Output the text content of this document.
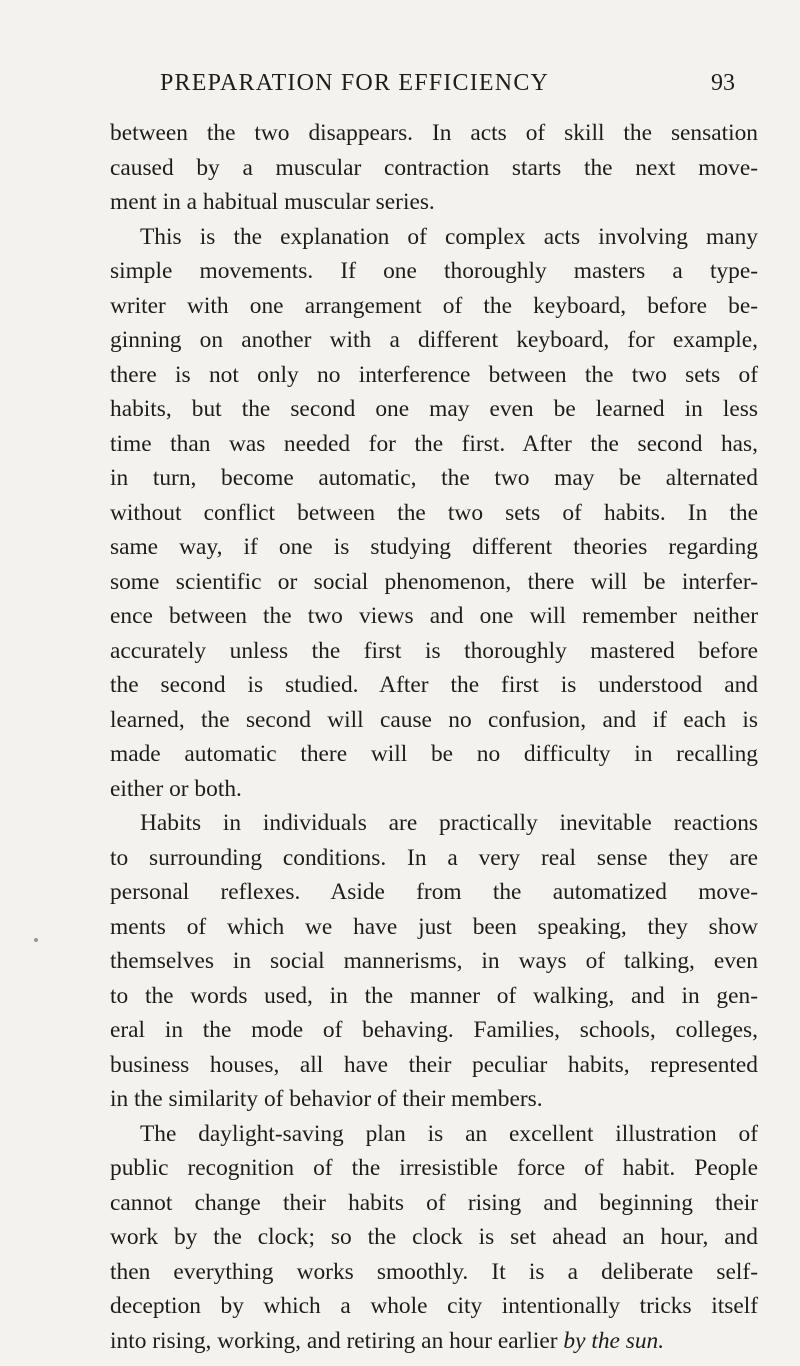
PREPARATION FOR EFFICIENCY	93
between the two disappears. In acts of skill the sensation
caused by a muscular contraction starts the next move-
ment in a habitual muscular series.
This is the explanation of complex acts involving many
simple movements. If one thoroughly masters a type-
writer with one arrangement of the keyboard, before be-
ginning on another with a different keyboard, for example,
there is not only no interference between the two sets of
habits, but the second one may even be learned in less
time than was needed for the first. After the second has,
in turn, become automatic, the two may be alternated
without conflict between the two sets of habits. In the
same way, if one is studying different theories regarding
some scientific or social phenomenon, there will be interfer-
ence between the two views and one will remember neither
accurately unless the first is thoroughly mastered before
the second is studied. After the first is understood and
learned, the second will cause no confusion, and if each is
made automatic there will be no difficulty in recalling
either or both.
Habits in individuals are practically inevitable reactions
to surrounding conditions. In a very real sense they are
personal reflexes. Aside from the automatized move-
ments of which we have just been speaking, they show
themselves in social mannerisms, in ways of talking, even
to the words used, in the manner of walking, and in gen-
eral in the mode of behaving. Families, schools, colleges,
business houses, all have their peculiar habits, represented
in the similarity of behavior of their members.
The daylight-saving plan is an excellent illustration of
public recognition of the irresistible force of habit. People
cannot change their habits of rising and beginning their
work by the clock; so the clock is set ahead an hour, and
then everything works smoothly. It is a deliberate self-
deception by which a whole city intentionally tricks itself
into rising, working, and retiring an hour earlier by the sun.
